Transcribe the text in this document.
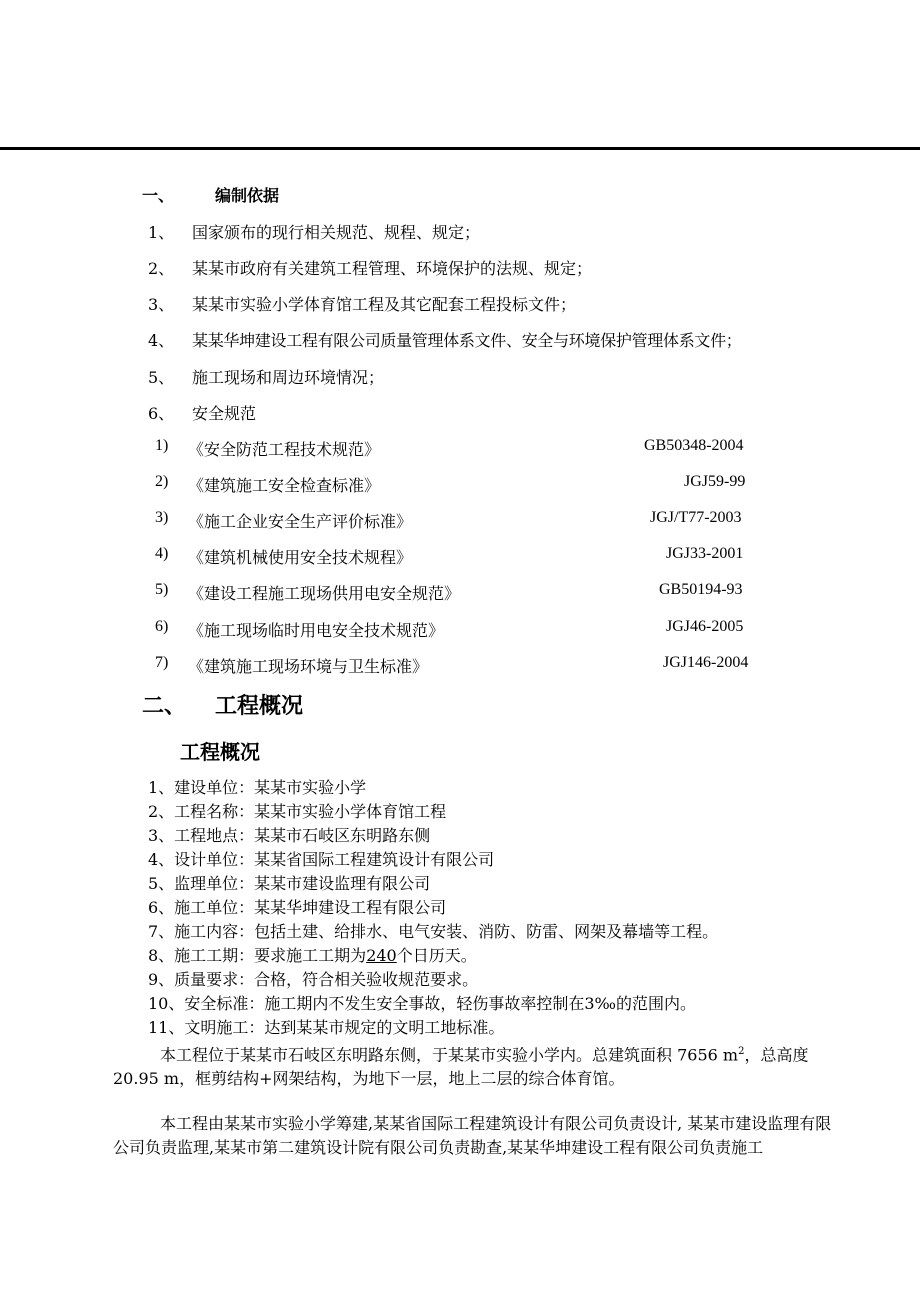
一、	编制依据
1、 国家颁布的现行相关规范、规程、规定；
2、 某某市政府有关建筑工程管理、环境保护的法规、规定；
3、 某某市实验小学体育馆工程及其它配套工程投标文件；
4、 某某华坤建设工程有限公司质量管理体系文件、安全与环境保护管理体系文件；
5、 施工现场和周边环境情况；
6、 安全规范
1) 《安全防范工程技术规范》	GB50348-2004
2) 《建筑施工安全检查标准》	JGJ59-99
3) 《施工企业安全生产评价标准》	JGJ/T77-2003
4) 《建筑机械使用安全技术规程》	JGJ33-2001
5) 《建设工程施工现场供用电安全规范》	GB50194-93
6) 《施工现场临时用电安全技术规范》	JGJ46-2005
7) 《建筑施工现场环境与卫生标准》	JGJ146-2004
二、 工程概况
工程概况
1、建设单位：某某市实验小学
2、工程名称：某某市实验小学体育馆工程
3、工程地点：某某市石岐区东明路东侧
4、设计单位：某某省国际工程建筑设计有限公司
5、监理单位：某某市建设监理有限公司
6、施工单位：某某华坤建设工程有限公司
7、施工内容：包括土建、给排水、电气安装、消防、防雷、网架及幕墙等工程。
8、施工工期：要求施工工期为240个日历天。
9、质量要求：合格，符合相关验收规范要求。
10、安全标准：施工期内不发生安全事故，轻伤事故率控制在3‰的范围内。
11、文明施工：达到某某市规定的文明工地标准。
本工程位于某某市石岐区东明路东侧，于某某市实验小学内。总建筑面积 7656 $m^2$，总高度 20.95 m，框剪结构+网架结构，为地下一层，地上二层的综合体育馆。
本工程由某某市实验小学筹建,某某省国际工程建筑设计有限公司负责设计, 某某市建设监理有限公司负责监理,某某市第二建筑设计院有限公司负责勘查,某某华坤建设工程有限公司负责施工
